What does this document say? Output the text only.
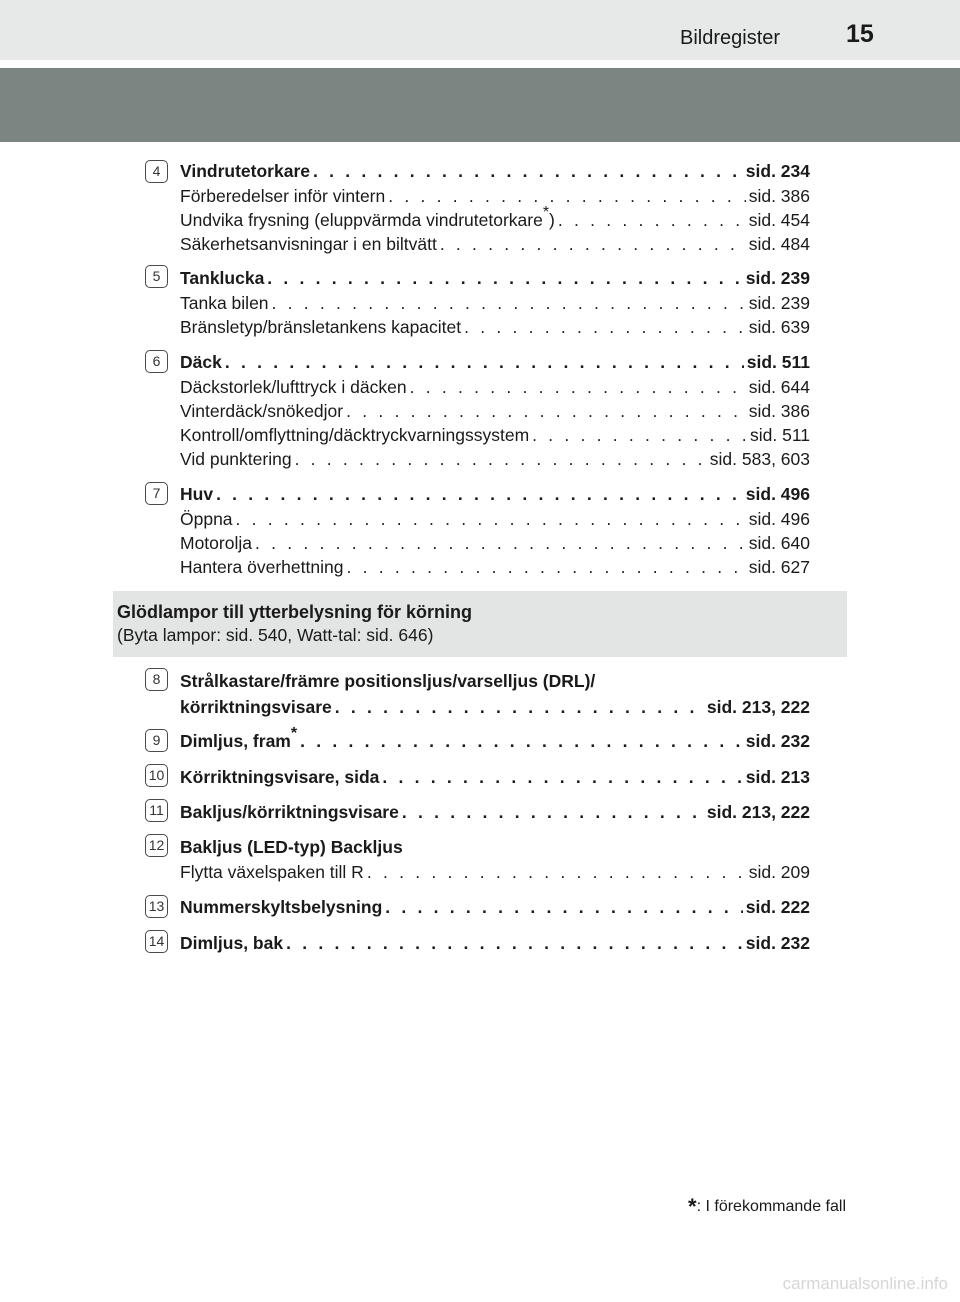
Bildregister	15
4	Vindrutetorkare . . .	sid. 234
Förberedelser inför vintern . . .	sid. 386
Undvika frysning (eluppvärmda vindrutetorkare*) . . .	sid. 454
Säkerhetsanvisningar i en biltvätt . . .	sid. 484
5	Tanklucka . . .	sid. 239
Tanka bilen . . .	sid. 239
Bränsletyp/bränsletankens kapacitet . . .	sid. 639
6	Däck . . .	sid. 511
Däckstorlek/lufttryck i däcken . . .	sid. 644
Vinterdäck/snökedjor . . .	sid. 386
Kontroll/omflyttning/däcktryckvarningssystem . . .	sid. 511
Vid punktering . . .	sid. 583, 603
7	Huv . . .	sid. 496
Öppna . . .	sid. 496
Motorolja . . .	sid. 640
Hantera överhettning . . .	sid. 627
Glödlampor till ytterbelysning för körning
(Byta lampor: sid. 540, Watt-tal: sid. 646)
8	Strålkastare/främre positionsljus/varselljus (DRL)/
körriktningsvisare . . .	sid. 213, 222
9	Dimljus, fram* . . .	sid. 232
10 Körriktningsvisare, sida . . .	sid. 213
11 Bakljus/körriktningsvisare . . .	sid. 213, 222
12 Bakljus (LED-typ) Backljus
Flytta växelspaken till R . . .	sid. 209
13 Nummerskyltsbelysning . . .	sid. 222
14 Dimljus, bak . . .	sid. 232
*: I förekommande fall
carmanualsonline.info
